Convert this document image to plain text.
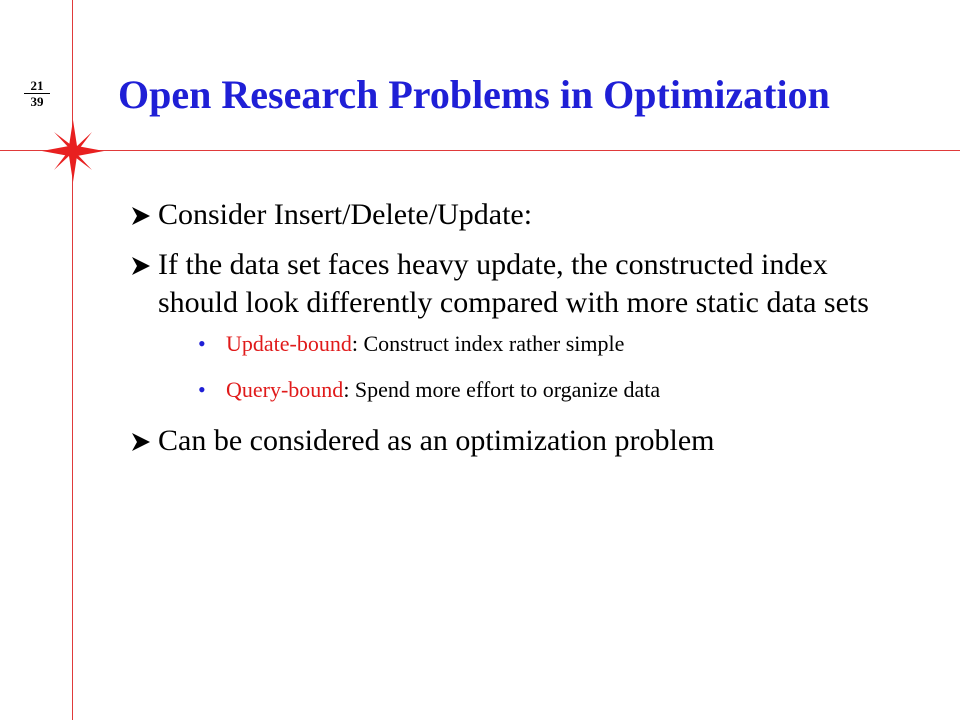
$\frac{21}{39}$ Open Research Problems in Optimization
Consider Insert/Delete/Update:
If the data set faces heavy update, the constructed index should look differently compared with more static data sets
• Update-bound: Construct index rather simple
• Query-bound: Spend more effort to organize data
Can be considered as an optimization problem
